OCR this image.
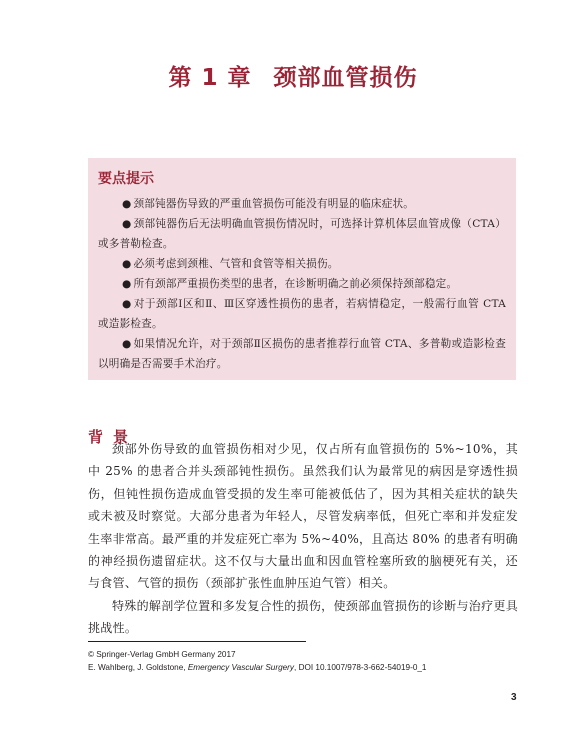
第 1 章 颈部血管损伤
要点提示

● 颈部钝器伤导致的严重血管损伤可能没有明显的临床症状。

● 颈部钝器伤后无法明确血管损伤情况时，可选择计算机体层血管成像（CTA）或多普勒检查。

● 必须考虑到颈椎、气管和食管等相关损伤。

● 所有颈部严重损伤类型的患者，在诊断明确之前必须保持颈部稳定。

● 对于颈部Ⅰ区和Ⅱ、Ⅲ区穿透性损伤的患者，若病情稳定，一般需行血管 CTA 或造影检查。

● 如果情况允许，对于颈部Ⅱ区损伤的患者推荐行血管 CTA、多普勒或造影检查以明确是否需要手术治疗。

背景

颈部外伤导致的血管损伤相对少见，仅占所有血管损伤的 5%~10%，其中 25% 的患者合并头颈部钝性损伤。虽然我们认为最常见的病因是穿透性损伤，但钝性损伤造成血管受损的发生率可能被低估了，因为其相关症状的缺失或未被及时察觉。大部分患者为年轻人，尽管发病率低，但死亡率和并发症发生率非常高。最严重的并发症死亡率为 5%~40%，且高达 80% 的患者有明确的神经损伤遗留症状。这不仅与大量出血和因血管栓塞所致的脑梗死有关，还与食管、气管的损伤（颈部扩张性血肿压迫气管）相关。

特殊的解剖学位置和多发复合性的损伤，使颈部血管损伤的诊断与治疗更具挑战性。

© Springer-Verlag GmbH Germany 2017
E. Wahlberg, J. Goldstone, Emergency Vascular Surgery, DOI 10.1007/978-3-662-54019-0_1
3
